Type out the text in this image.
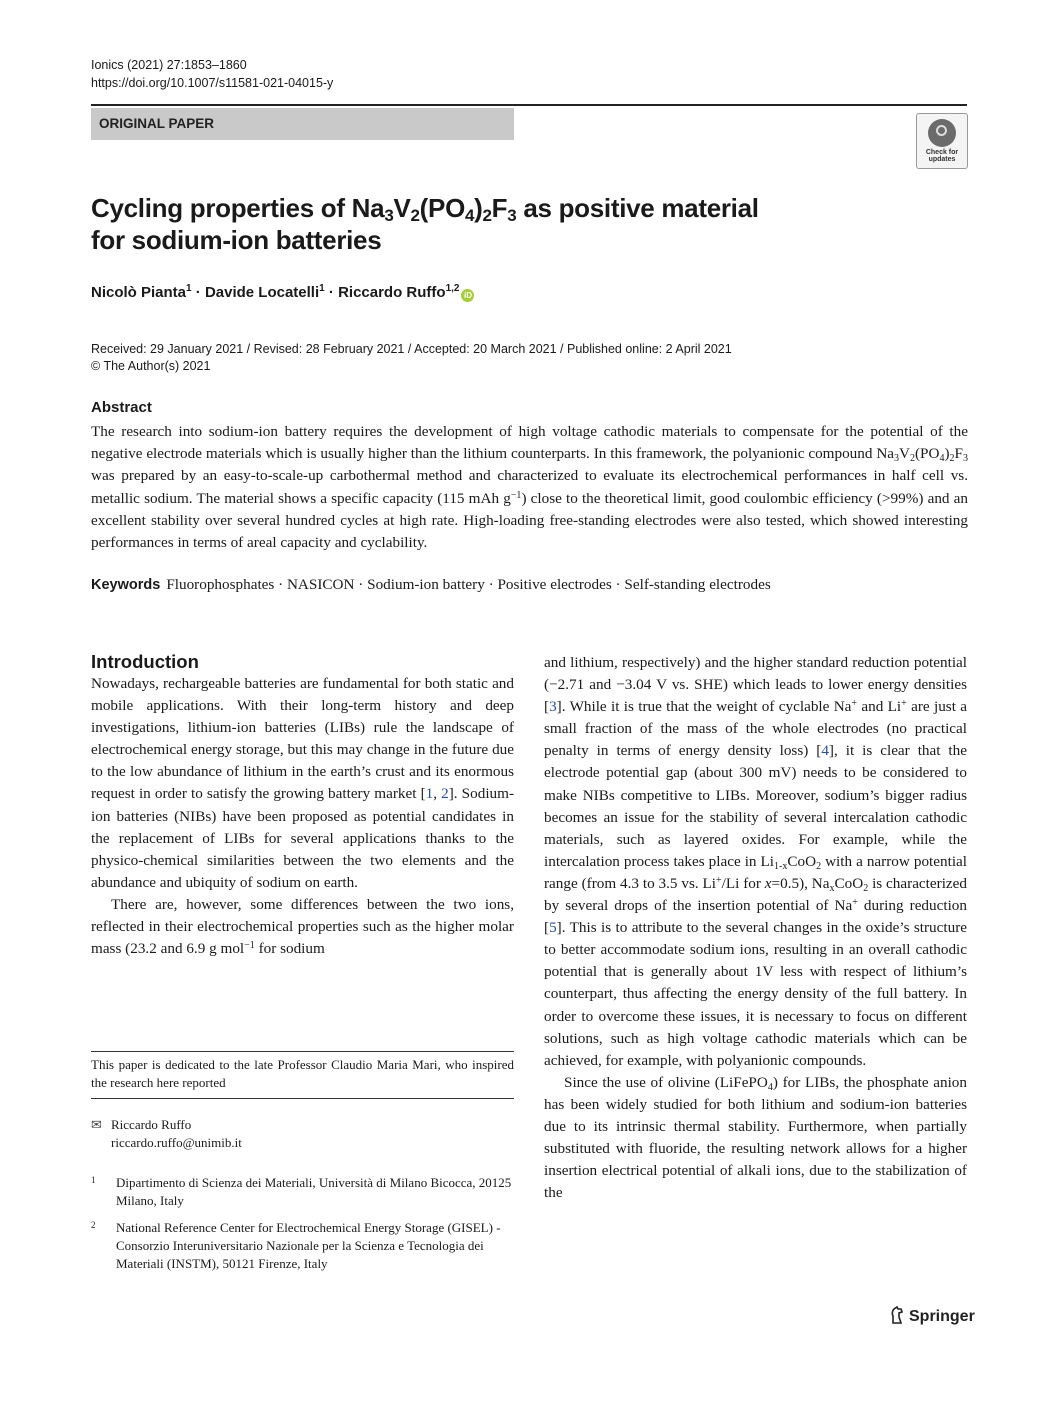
Ionics (2021) 27:1853–1860
https://doi.org/10.1007/s11581-021-04015-y
ORIGINAL PAPER
Check for updates
Cycling properties of $Na_3V_2(PO_4)_2F_3$ as positive material
for sodium-ion batteries
Nicolò Pianta$^1$ · Davide Locatelli$^1$ · Riccardo Ruffo$^{1,2}$iD
Received: 29 January 2021 / Revised: 28 February 2021 / Accepted: 20 March 2021 / Published online: 2 April 2021
© The Author(s) 2021
Abstract
The research into sodium-ion battery requires the development of high voltage cathodic materials to compensate for the potential of the negative electrode materials which is usually higher than the lithium counterparts. In this framework, the polyanionic compound $Na_3V_2(PO_4)_2F_3$ was prepared by an easy-to-scale-up carbothermal method and characterized to evaluate its electrochemical performances in half cell vs. metallic sodium. The material shows a specific capacity (115 mAh $g^{-1}$) close to the theoretical limit, good coulombic efficiency (>99%) and an excellent stability over several hundred cycles at high rate. High-loading free-standing electrodes were also tested, which showed interesting performances in terms of areal capacity and cyclability.
Keywords Fluorophosphates · NASICON · Sodium-ion battery · Positive electrodes · Self-standing electrodes
Introduction

Nowadays, rechargeable batteries are fundamental for both static and mobile applications. With their long-term history and deep investigations, lithium-ion batteries (LIBs) rule the landscape of electrochemical energy storage, but this may change in the future due to the low abundance of lithium in the earth’s crust and its enormous request in order to satisfy the growing battery market [1, 2]. Sodium-ion batteries (NIBs) have been proposed as potential candidates in the replacement of LIBs for several applications thanks to the physico-chemical similarities between the two elements and the abundance and ubiquity of sodium on earth.

There are, however, some differences between the two ions, reflected in their electrochemical properties such as the higher molar mass (23.2 and 6.9 g mol$^{-1}$ for sodium

and lithium, respectively) and the higher standard reduction potential (−2.71 and −3.04 V vs. SHE) which leads to lower energy densities [3]. While it is true that the weight of cyclable Na+ and Li+ are just a small fraction of the mass of the whole electrodes (no practical penalty in terms of energy density loss) [4], it is clear that the electrode potential gap (about 300 mV) needs to be considered to make NIBs competitive to LIBs. Moreover, sodium’s bigger radius becomes an issue for the stability of several intercalation cathodic materials, such as layered oxides. For example, while the intercalation process takes place in $Li_{1-x}CoO_2$ with a narrow potential range (from 4.3 to 3.5 vs. Li+/Li for x=0.5), $Na_xCoO_2$ is characterized by several drops of the insertion potential of Na+ during reduction [5]. This is to attribute to the several changes in the oxide’s structure to better accommodate sodium ions, resulting in an overall cathodic potential that is generally about 1V less with respect of lithium’s counterpart, thus affecting the energy density of the full battery. In order to overcome these issues, it is necessary to focus on different solutions, such as high voltage cathodic materials which can be achieved, for example, with polyanionic compounds.

Since the use of olivine (LiFePO$_4$) for LIBs, the phosphate anion has been widely studied for both lithium and sodium-ion batteries due to its intrinsic thermal stability. Furthermore, when partially substituted with fluoride, the resulting network allows for a higher insertion electrical potential of alkali ions, due to the stabilization of the

This paper is dedicated to the late Professor Claudio Maria Mari, who inspired the research here reported
✉ Riccardo Ruffo
riccardo.ruffo@unimib.it
1 Dipartimento di Scienza dei Materiali, Università di Milano Bicocca, 20125 Milano, Italy
2 National Reference Center for Electrochemical Energy Storage (GISEL) - Consorzio Interuniversitario Nazionale per la Scienza e Tecnologia dei Materiali (INSTM), 50121 Firenze, Italy
Springer
